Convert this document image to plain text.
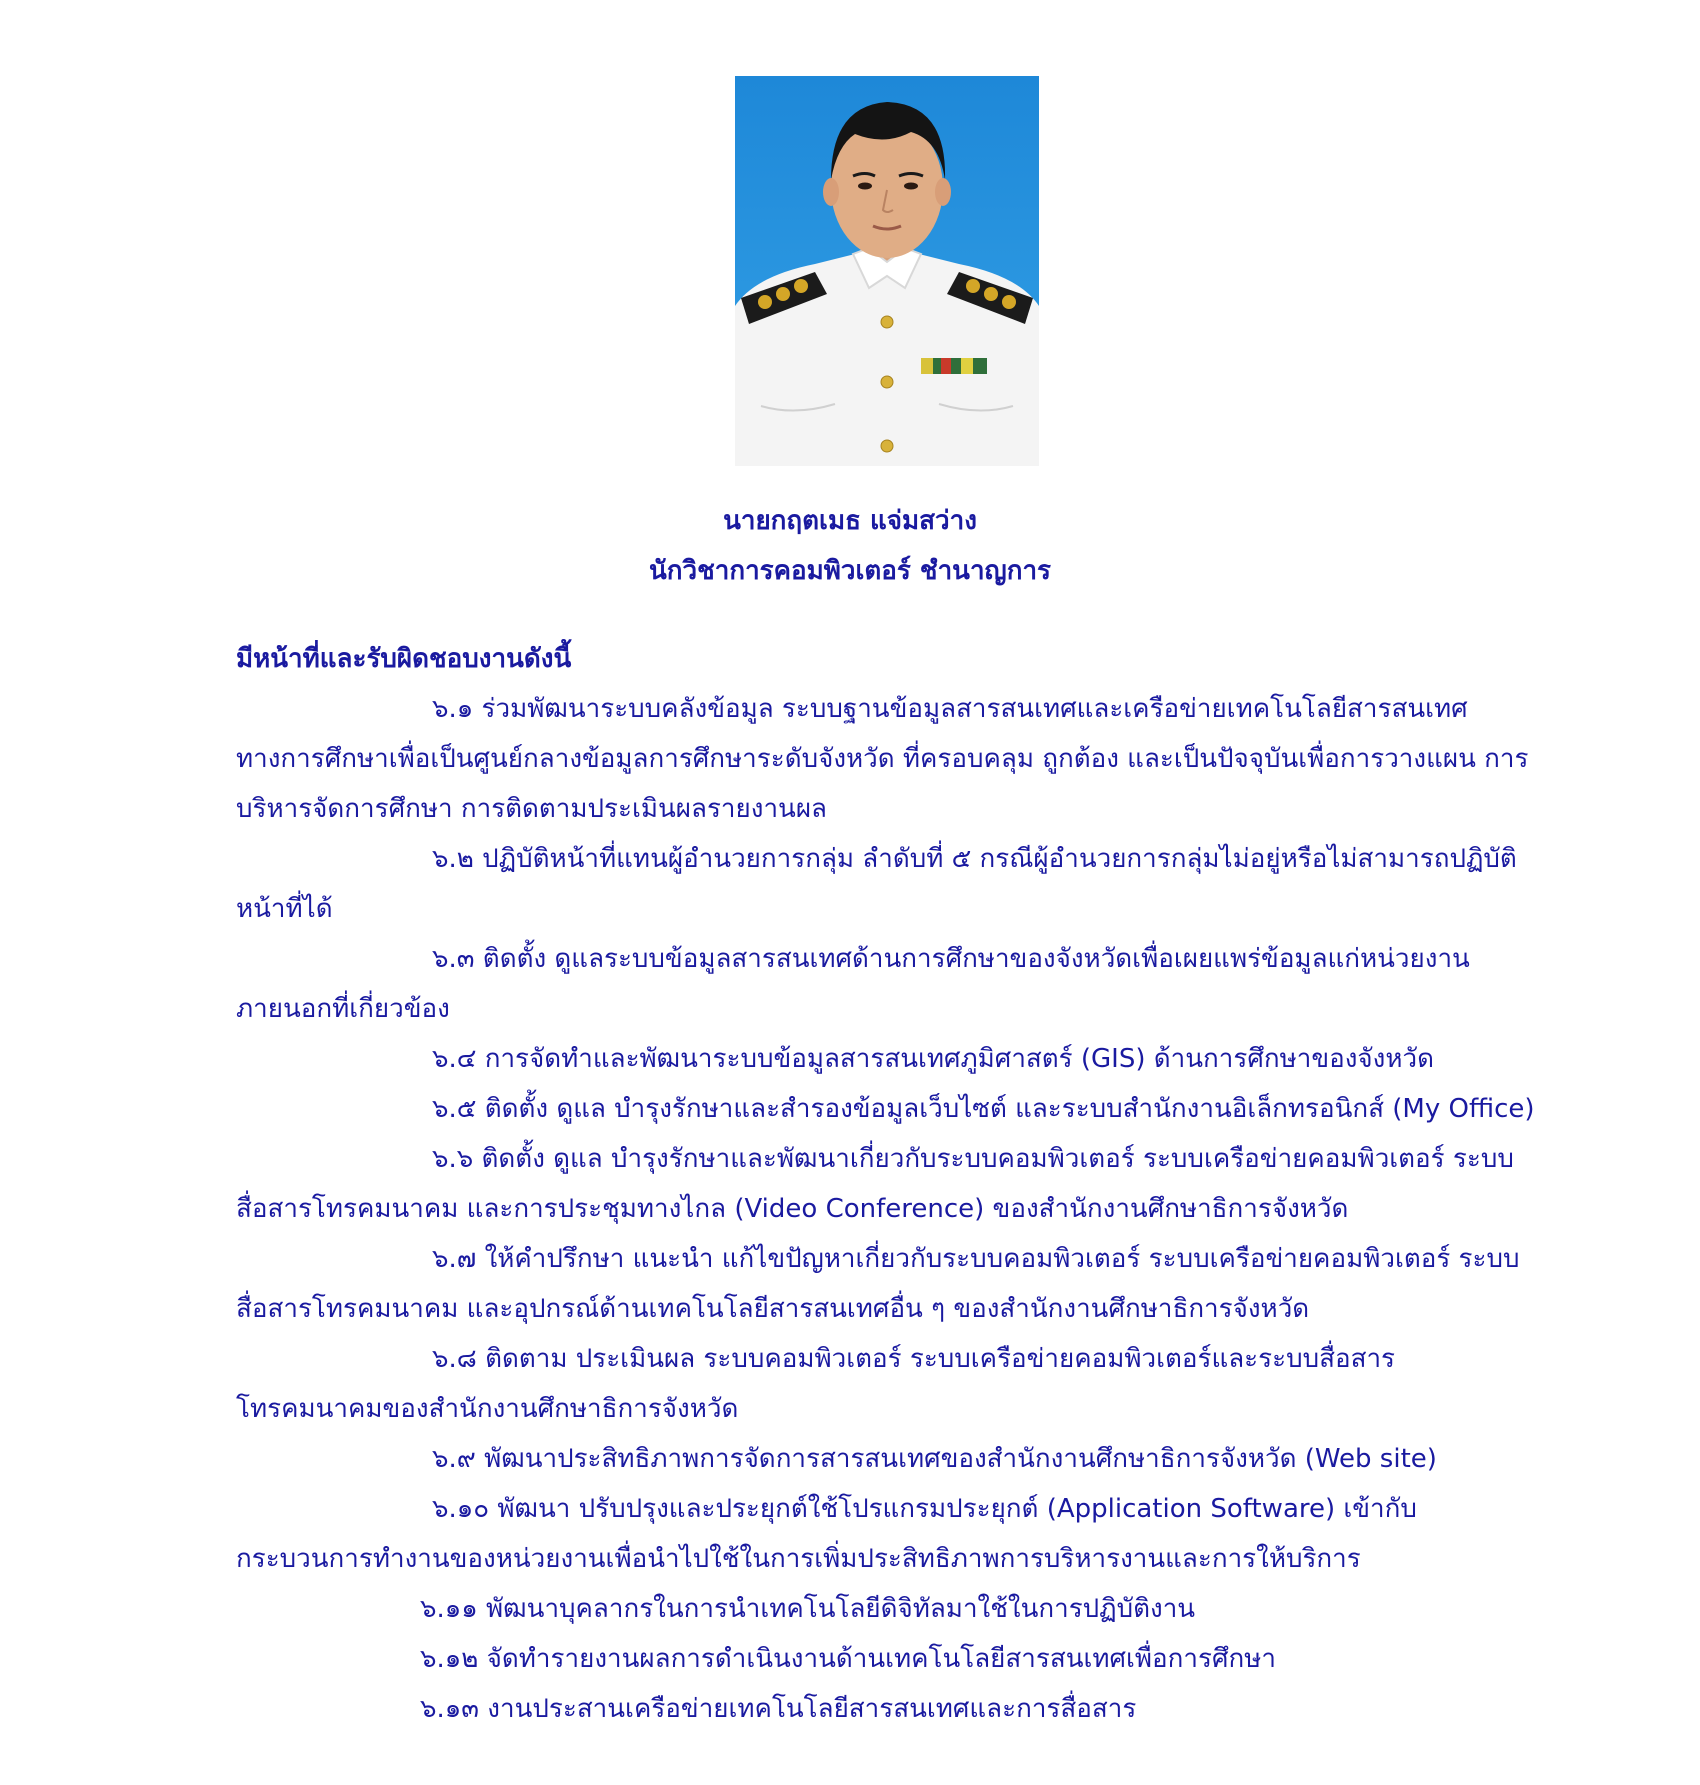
นายกฤตเมธ แจ่มสว่าง
นักวิชาการคอมพิวเตอร์ ชำนาญการ

มีหน้าที่และรับผิดชอบงานดังนี้

๖.๑ ร่วมพัฒนาระบบคลังข้อมูล ระบบฐานข้อมูลสารสนเทศและเครือข่ายเทคโนโลยีสารสนเทศทางการศึกษาเพื่อเป็นศูนย์กลางข้อมูลการศึกษาระดับจังหวัด ที่ครอบคลุม ถูกต้อง และเป็นปัจจุบันเพื่อการวางแผน การบริหารจัดการศึกษา การติดตามประเมินผลรายงานผล

๖.๒ ปฏิบัติหน้าที่แทนผู้อำนวยการกลุ่ม ลำดับที่ ๕ กรณีผู้อำนวยการกลุ่มไม่อยู่หรือไม่สามารถปฏิบัติหน้าที่ได้

๖.๓ ติดตั้ง ดูแลระบบข้อมูลสารสนเทศด้านการศึกษาของจังหวัดเพื่อเผยแพร่ข้อมูลแก่หน่วยงานภายนอกที่เกี่ยวข้อง

๖.๔ การจัดทำและพัฒนาระบบข้อมูลสารสนเทศภูมิศาสตร์ (GIS) ด้านการศึกษาของจังหวัด

๖.๕ ติดตั้ง ดูแล บำรุงรักษาและสำรองข้อมูลเว็บไซต์ และระบบสำนักงานอิเล็กทรอนิกส์ (My Office)

๖.๖ ติดตั้ง ดูแล บำรุงรักษาและพัฒนาเกี่ยวกับระบบคอมพิวเตอร์ ระบบเครือข่ายคอมพิวเตอร์ ระบบสื่อสารโทรคมนาคม และการประชุมทางไกล (Video Conference) ของสำนักงานศึกษาธิการจังหวัด

๖.๗ ให้คำปรึกษา แนะนำ แก้ไขปัญหาเกี่ยวกับระบบคอมพิวเตอร์ ระบบเครือข่ายคอมพิวเตอร์ ระบบสื่อสารโทรคมนาคม และอุปกรณ์ด้านเทคโนโลยีสารสนเทศอื่น ๆ ของสำนักงานศึกษาธิการจังหวัด

๖.๘ ติดตาม ประเมินผล ระบบคอมพิวเตอร์ ระบบเครือข่ายคอมพิวเตอร์และระบบสื่อสารโทรคมนาคมของสำนักงานศึกษาธิการจังหวัด

๖.๙ พัฒนาประสิทธิภาพการจัดการสารสนเทศของสำนักงานศึกษาธิการจังหวัด (Web site)

๖.๑๐ พัฒนา ปรับปรุงและประยุกต์ใช้โปรแกรมประยุกต์ (Application Software) เข้ากับกระบวนการทำงานของหน่วยงานเพื่อนำไปใช้ในการเพิ่มประสิทธิภาพการบริหารงานและการให้บริการ

๖.๑๑ พัฒนาบุคลากรในการนำเทคโนโลยีดิจิทัลมาใช้ในการปฏิบัติงาน

๖.๑๒ จัดทำรายงานผลการดำเนินงานด้านเทคโนโลยีสารสนเทศเพื่อการศึกษา

๖.๑๓ งานประสานเครือข่ายเทคโนโลยีสารสนเทศและการสื่อสาร
